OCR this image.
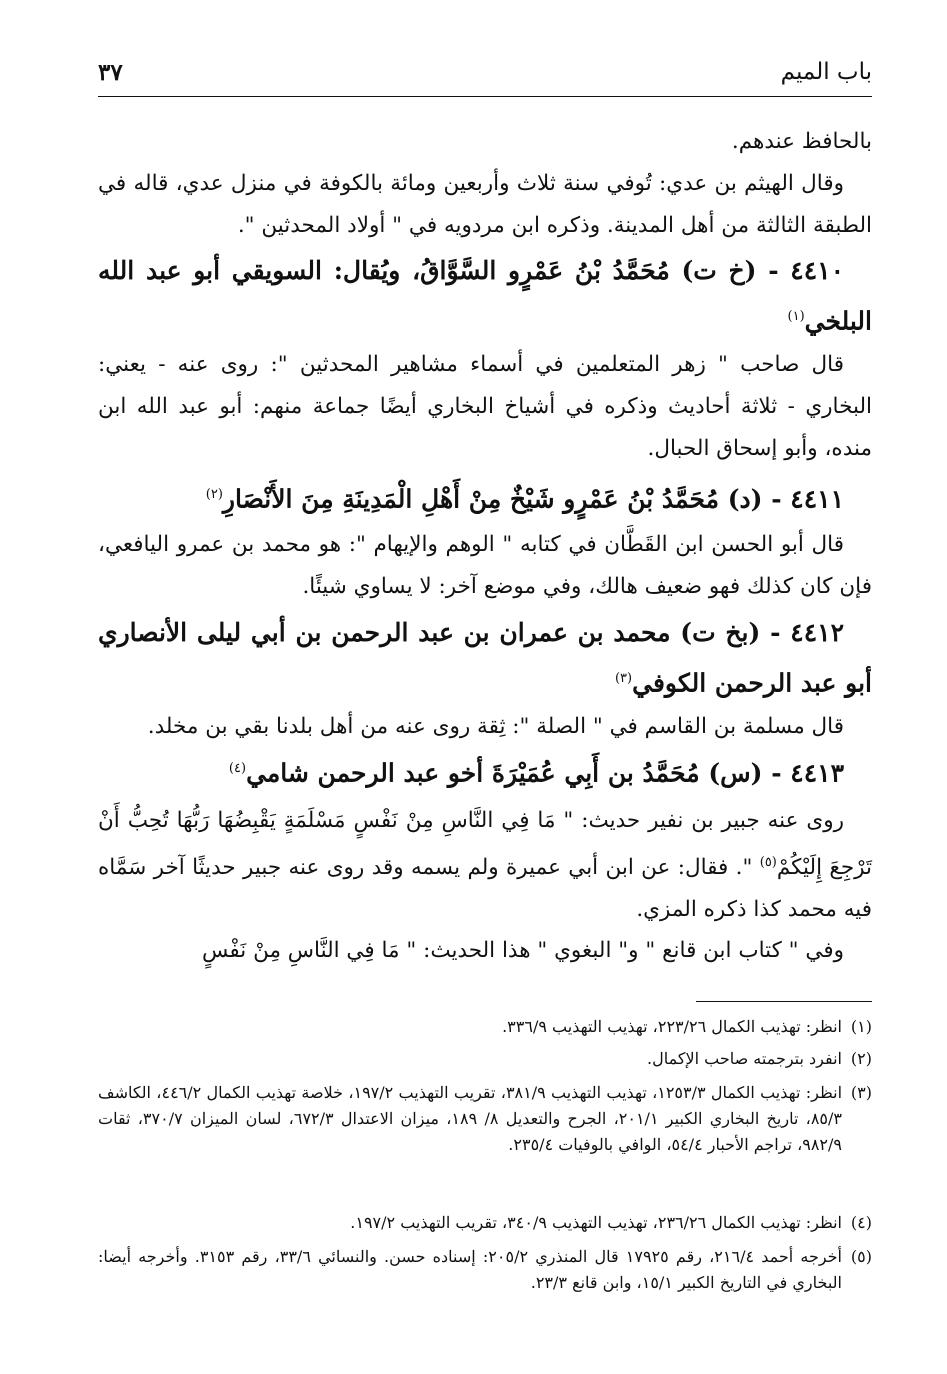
باب الميم
٣٧

بالحافظ عندهم.

وقال الهيثم بن عدي: تُوفي سنة ثلاث وأربعين ومائة بالكوفة في منزل عدي، قاله في الطبقة الثالثة من أهل المدينة. وذكره ابن مردويه في " أولاد المحدثين ".

٤٤١٠ - (خ ت) مُحَمَّدُ بْنُ عَمْرٍو السَّوَّاقُ، ويُقال: السويقي أبو عبد الله البلخي$^{(١)}$

قال صاحب " زهر المتعلمين في أسماء مشاهير المحدثين ": روى عنه - يعني: البخاري - ثلاثة أحاديث وذكره في أشياخ البخاري أيضًا جماعة منهم: أبو عبد الله ابن منده، وأبو إسحاق الحبال.

٤٤١١ - (د) مُحَمَّدُ بْنُ عَمْرٍو شَيْخٌ مِنْ أَهْلِ الْمَدِينَةِ مِنَ الأَنْصَارِ$^{(٢)}$

قال أبو الحسن ابن القَطَّان في كتابه " الوهم والإيهام ": هو محمد بن عمرو اليافعي، فإن كان كذلك فهو ضعيف هالك، وفي موضع آخر: لا يساوي شيئًا.

٤٤١٢ - (بخ ت) محمد بن عمران بن عبد الرحمن بن أبي ليلى الأنصاري أبو عبد الرحمن الكوفي$^{(٣)}$

قال مسلمة بن القاسم في " الصلة ": ثِقة روى عنه من أهل بلدنا بقي بن مخلد.

٤٤١٣ - (س) مُحَمَّدُ بن أَبِي عُمَيْرَةَ أخو عبد الرحمن شامي$^{(٤)}$

روى عنه جبير بن نفير حديث: " مَا فِي النَّاسِ مِنْ نَفْسٍ مَسْلَمَةٍ يَقْبِضُهَا رَبُّهَا تُحِبُّ أَنْ تَرْجِعَ إِلَيْكُمْ$^{(٥)}$ ". فقال: عن ابن أبي عميرة ولم يسمه وقد روى عنه جبير حديثًا آخر سَمَّاه فيه محمد كذا ذكره المزي.

وفي " كتاب ابن قانع " و" البغوي " هذا الحديث: " مَا فِي النَّاسِ مِنْ نَفْسٍ

(١)
انظر: تهذيب الكمال ٢٢٣/٢٦، تهذيب التهذيب ٣٣٦/٩.

(٢)
انفرد بترجمته صاحب الإكمال.

(٣)
انظر: تهذيب الكمال ١٢٥٣/٣، تهذيب التهذيب ٣٨١/٩، تقريب التهذيب ١٩٧/٢، خلاصة تهذيب الكمال ٤٤٦/٢، الكاشف ٨٥/٣، تاريخ البخاري الكبير ٢٠١/١، الجرح والتعديل ٨/ ١٨٩، ميزان الاعتدال ٦٧٢/٣، لسان الميزان ٣٧٠/٧، ثقات ٩٨٢/٩، تراجم الأحبار ٥٤/٤، الوافي بالوفيات ٢٣٥/٤.

(٤)
انظر: تهذيب الكمال ٢٣٦/٢٦، تهذيب التهذيب ٣٤٠/٩، تقريب التهذيب ١٩٧/٢.

(٥)
أخرجه أحمد ٢١٦/٤، رقم ١٧٩٢٥ قال المنذري ٢٠٥/٢: إسناده حسن. والنسائي ٣٣/٦، رقم ٣١٥٣. وأخرجه أيضا: البخاري في التاريخ الكبير ١٥/١، وابن قانع ٢٣/٣.
